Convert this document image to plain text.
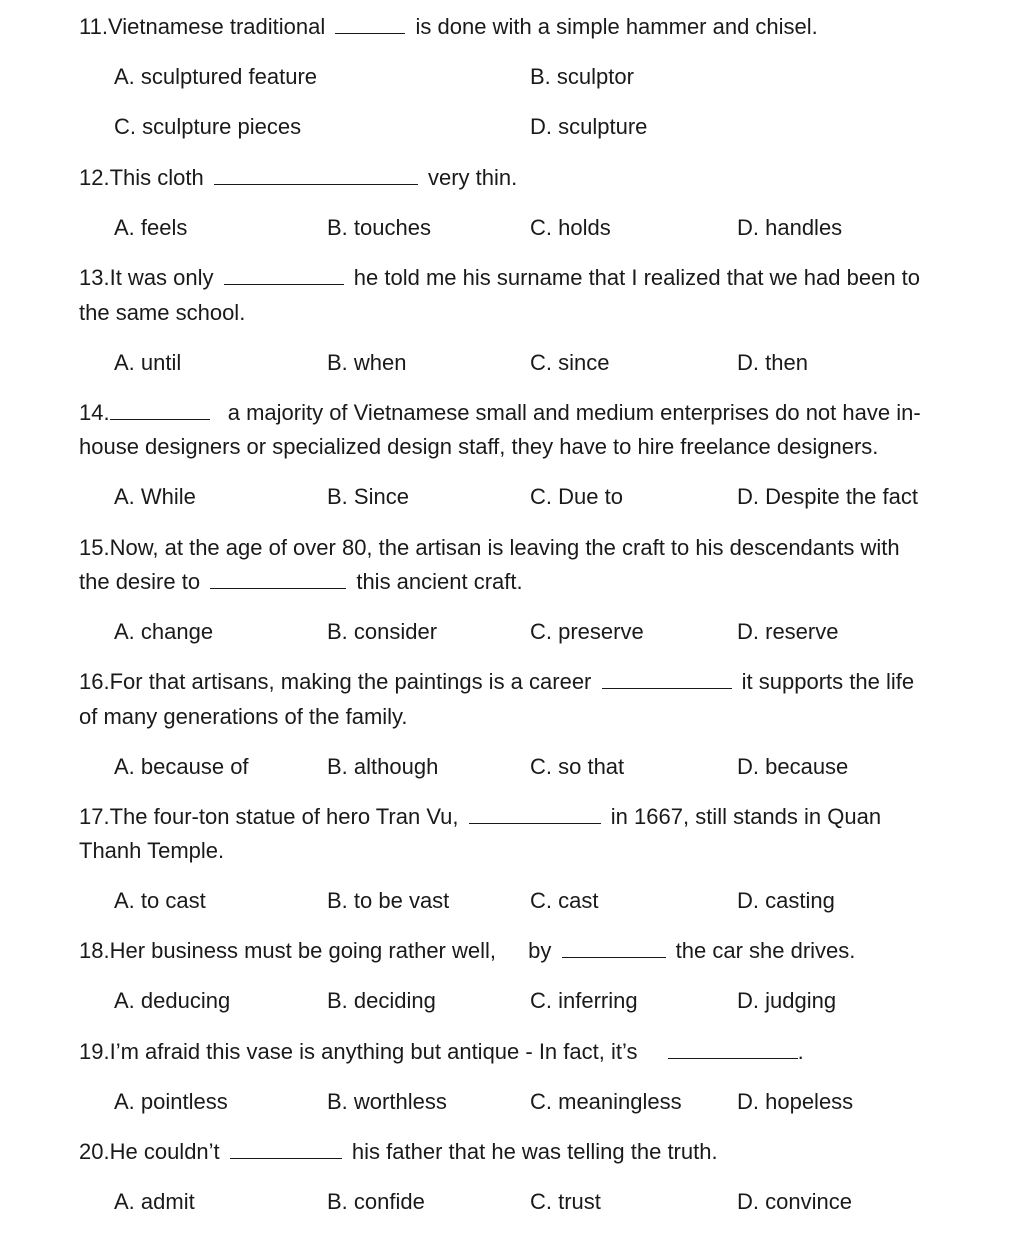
11.Vietnamese traditional	is done with a simple hammer and chisel.
A. sculptured feature	B. sculptor
C. sculpture pieces	D. sculpture
12.This cloth	very thin.
A. feels	B. touches	C. holds	D. handles
13.It was only	he told me his surname that I realized that we had been to
the same school.
A. until	B. when	C. since	D. then
14.	a majority of Vietnamese small and medium enterprises do not have in-
house designers or specialized design staff, they have to hire freelance designers.
A. While	B. Since	C. Due to	D. Despite the fact
15.Now, at the age of over 80, the artisan is leaving the craft to his descendants with
the desire to	this ancient craft.
A. change	B. consider	C. preserve	D. reserve
16.For that artisans, making the paintings is a career	it supports the life
of many generations of the family.
A. because of	B. although	C. so that	D. because
17.The four-ton statue of hero Tran Vu,	in 1667, still stands in Quan
Thanh Temple.
A. to cast	B. to be vast	C. cast	D. casting
18.Her business must be going rather well, by	the car she drives.
A. deducing	B. deciding	C. inferring	D. judging
19.I’m afraid this vase is anything but antique - In fact, it’s	.
A. pointless	B. worthless	C. meaningless	D. hopeless
20.He couldn’t	his father that he was telling the truth.
A. admit	B. confide	C. trust	D. convince
